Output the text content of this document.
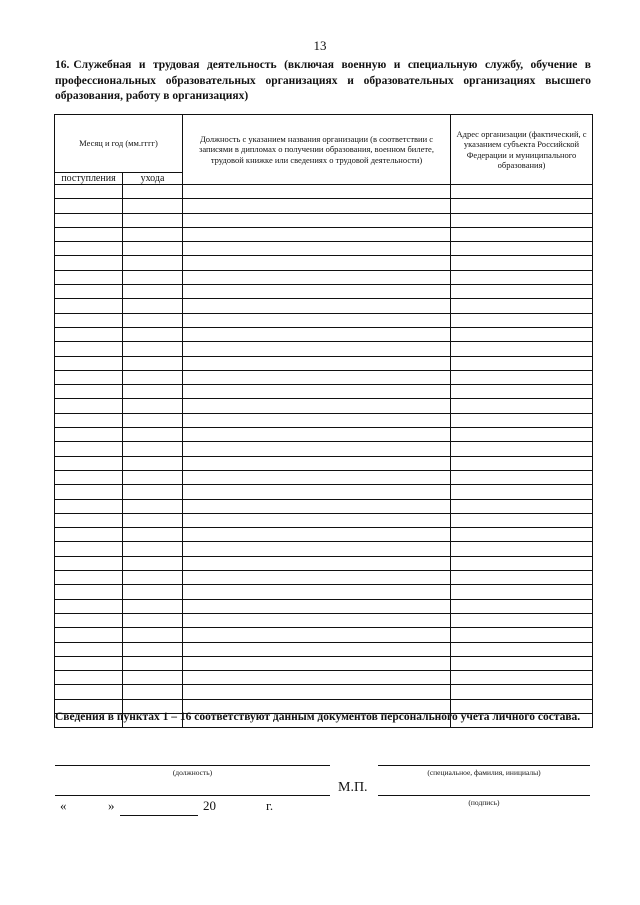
13
16. Служебная и трудовая деятельность (включая военную и специальную службу, обучение в профессиональных образовательных организациях и образовательных организациях высшего образования, работу в организациях)
Месяц и год (мм.гггг)		Должность с указанием названия организации (в соответствии с записями в дипломах о получении образования, военном билете, трудовой книжке или сведениях о трудовой деятельности)	Адрес организации (фактический, с указанием субъекта Российской Федерации и муниципального образования)
поступления	ухода		

Сведения в пунктах 1 – 16 соответствуют данным документов персонального учета личного состава.
(должность)	(специальное, фамилия, инициалы)
М.П.
(подпись)
«	»	20	г.
